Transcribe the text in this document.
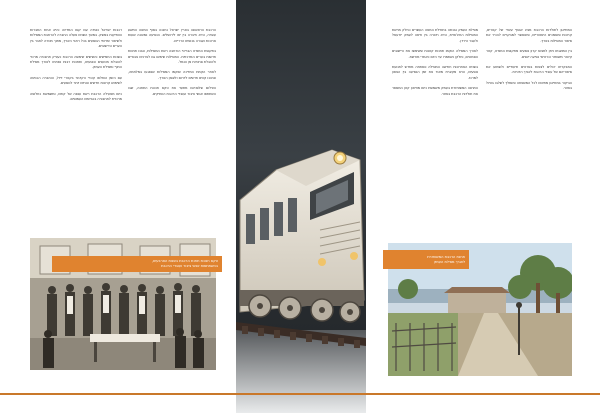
רכבות ישראל נוסדה עם קום המדינה והיא אחת החברות הוותיקות במשק. במשך השנים פעלה החברה להרחבת המסילות ולשיפור שירותי הנוסעים בכל רחבי הארץ, מתוך מטרה לחבר בין הערים והיישובים.

בשנות החמישים והשישים שימשה הרכבת כעורק תחבורה מרכזי להובלת מטענים ונוסעים, ותחנות רבות נפתחו לאורך מסילת החוף ומסילת העמק.

עם הזמן הוחלפו קטרי הקיטור בקטרי דיזל, והחברה הכניסה לשימוש קרונות חדשים ונוחים יותר לנוסעים.

כיום מפעילה הרכבת רשת ענפה של קווים, ומשמשת כחלופה מרכזית לתחבורה בכבישים העמוסים.

הרכבת הראשונה בארץ ישראל נחנכה בסוף המאה התשע עשרה, והיא חיברה בין יפו לירושלים. הנסיעה נמשכה שעות ארוכות ועברה בנופים הרריים.

בתקופת המנדט הבריטי הורחבה רשת המסילות, ונבנו תחנות חדשות בערים המרכזיות. המסילות שימשו גם לצרכים צבאיים ולהובלת סחורות מן הנמל.

לאחר הקמת המדינה שוקמו המסילות שנפגעו במלחמה, ונחנכו קווים חדשים לדרום ולצפון הארץ.

הצילום שלפניכם מתעד את טקס חנוכת התחנה, שבו השתתפו אנשי ציבור ועובדי הרכבת הוותיקים.

טקס חנוכת תחנת הרכבת בשנות הארבעים,
בהשתתפות אנשי ציבור ועובדי הרכבת

מסילת העמק נבנתה בתחילת המאה העשרים כחלק מרשת המסילות החיג'אזית, והיא חיברה בין חיפה לעמק יזרעאל ולעבר הירדן.

לאורך המסילה הוקמו תחנות קטנות ששימשו את היישובים הסמוכים, וחלקן נשתמרו עד היום כאתרי מורשת.

בשנים האחרונות חודשה המסילה ונפתחה מחדש לתנועת נוסעים, והיא מקצרת מאוד את זמן הנסיעה בין הצפון למרכז.

התחנה המשוחזרת בעמק משמשת כיום מוזיאון קטן המספר את תולדות הרכבת באזור.

המוזיאון לתולדות הרכבת מציג אוסף עשיר של קטרים, קרונות ומסמכים היסטוריים, ומאפשר למבקרים להכיר את סיפור המסילות בארץ.

בין המוצגים ניתן למצוא קרון נוסעים מתקופת המנדט, קטר קיטור משוחזר וכרטיסי נסיעה ישנים.

המבקרים יכולים לצפות בסרטים תיעודיים ולשמוע את סיפוריהם של עובדי הרכבת לאורך הדורות.

הביקור במוזיאון מתאים לכל המשפחה ומומלץ לשלבו בטיול באזור.

תחנת הרכבת המשוחזרת
לאורך מסילת העמק
